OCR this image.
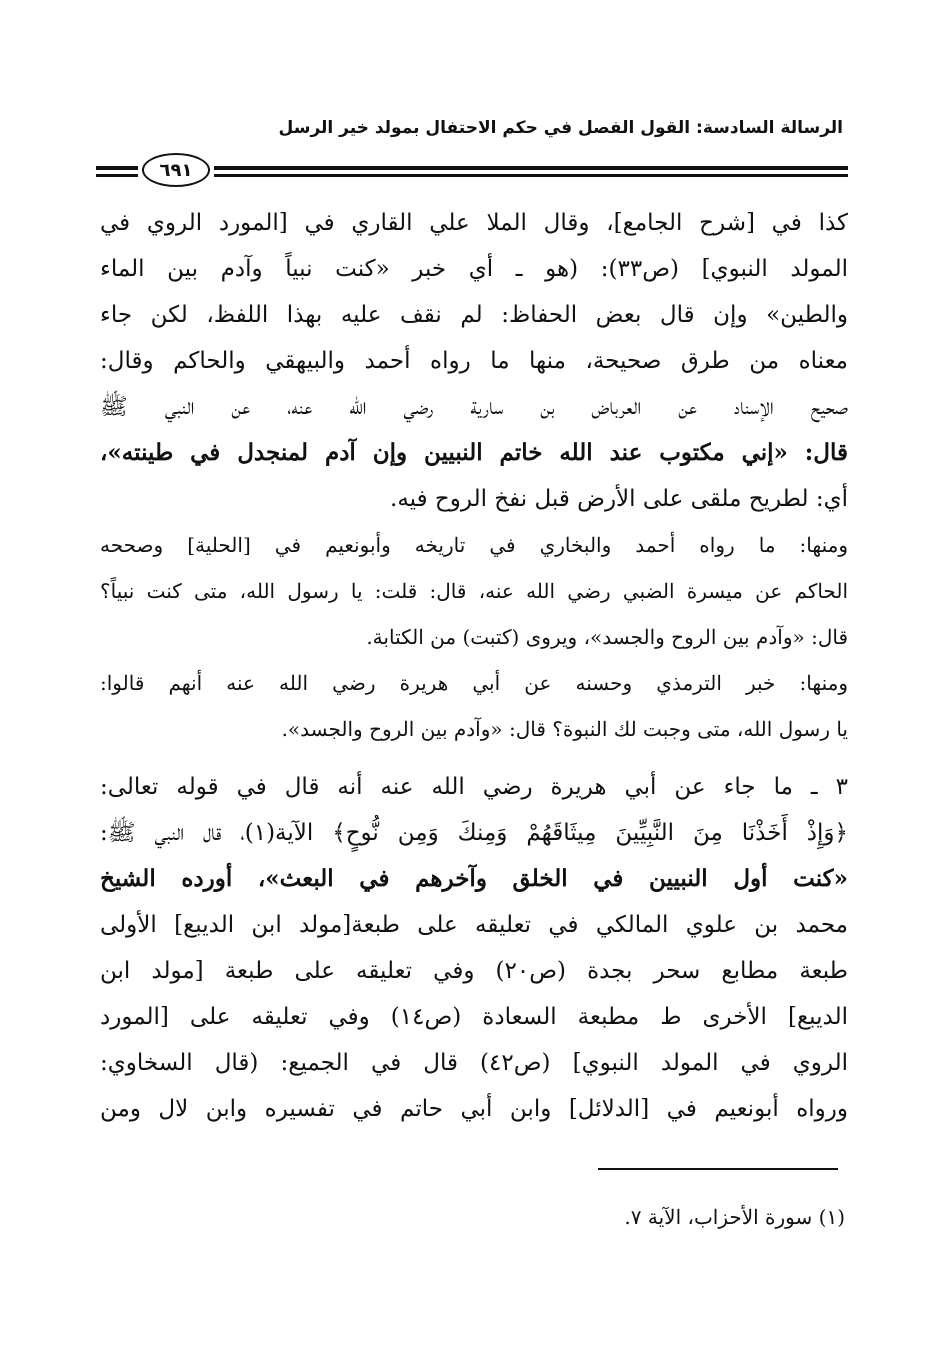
الرسالة السادسة: القول الفصل في حكم الاحتفال بمولد خير الرسل
٦٩١
كذا في [شرح الجامع]، وقال الملا علي القاري في [المورد الروي في
المولد النبوي] (ص٣٣): (هو ـ أي خبر «كنت نبياً وآدم بين الماء
والطين» وإن قال بعض الحفاظ: لم نقف عليه بهذا اللفظ، لكن جاء
معناه من طرق صحيحة، منها ما رواه أحمد والبيهقي والحاكم وقال:
صحيح الإسناد عن العرباض بن سارية رضي الله عنه، عن النبي ﷺ
قال: «إني مكتوب عند الله خاتم النبيين وإن آدم لمنجدل في طينته»،
أي: لطريح ملقى على الأرض قبل نفخ الروح فيه.
ومنها: ما رواه أحمد والبخاري في تاريخه وأبونعيم في [الحلية] وصححه
الحاكم عن ميسرة الضبي رضي الله عنه، قال: قلت: يا رسول الله، متى كنت نبياً؟
قال: «وآدم بين الروح والجسد»، ويروى (كتبت) من الكتابة.
ومنها: خبر الترمذي وحسنه عن أبي هريرة رضي الله عنه أنهم قالوا:
يا رسول الله، متى وجبت لك النبوة؟ قال: «وآدم بين الروح والجسد».
٣ ـ ما جاء عن أبي هريرة رضي الله عنه أنه قال في قوله تعالى:
﴿وَإِذْ أَخَذْنَا مِنَ النَّبِيِّينَ مِيثَاقَهُمْ وَمِنكَ وَمِن نُّوحٍ﴾ الآية(١)، قال النبي ﷺ:
«كنت أول النبيين في الخلق وآخرهم في البعث»، أورده الشيخ
محمد بن علوي المالكي في تعليقه على طبعة[مولد ابن الديبع] الأولى
طبعة مطابع سحر بجدة (ص٢٠) وفي تعليقه على طبعة [مولد ابن
الديبع] الأخرى ط مطبعة السعادة (ص١٤) وفي تعليقه على [المورد
الروي في المولد النبوي] (ص٤٢) قال في الجميع: (قال السخاوي:
ورواه أبونعيم في [الدلائل] وابن أبي حاتم في تفسيره وابن لال ومن
(١) سورة الأحزاب، الآية ٧.
